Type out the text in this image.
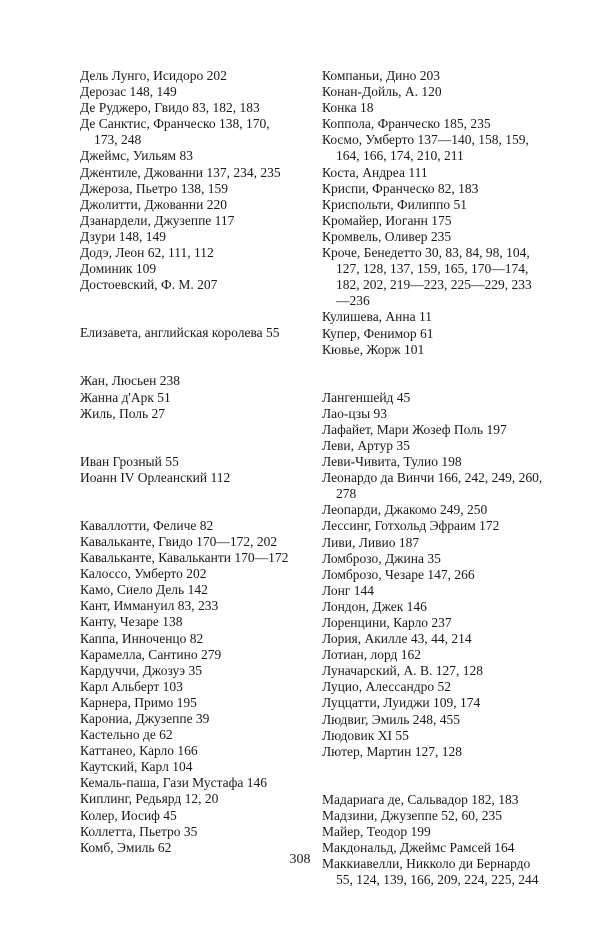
Дель Лунго, Исидоро 202
Дерозас 148, 149
Де Руджеро, Гвидо 83, 182, 183
Де Санктис, Франческо 138, 170, 173, 248
Джеймс, Уильям 83
Джентиле, Джованни 137, 234, 235
Джероза, Пьетро 138, 159
Джолитти, Джованни 220
Дзанардели, Джузеппе 117
Дзури 148, 149
Додэ, Леон 62, 111, 112
Доминик 109
Достоевский, Ф. М. 207
Елизавета, английская королева 55
Жан, Люсьен 238
Жанна д'Арк 51
Жиль, Поль 27
Иван Грозный 55
Иоанн IV Орлеанский 112
Каваллотти, Феличе 82
Кавальканте, Гвидо 170—172, 202
Кавальканте, Кавальканти 170—172
Калоссо, Умберто 202
Камо, Сиело Дель 142
Кант, Иммануил 83, 233
Канту, Чезаре 138
Каппа, Инноченцо 82
Карамелла, Сантино 279
Кардуччи, Джозуэ 35
Карл Альберт 103
Карнера, Примо 195
Карониа, Джузеппе 39
Кастельно де 62
Каттанео, Карло 166
Каутский, Карл 104
Кемаль-паша, Гази Мустафа 146
Киплинг, Редьярд 12, 20
Колер, Иосиф 45
Коллетта, Пьетро 35
Комб, Эмиль 62
Компаньи, Дино 203
Конан-Дойль, А. 120
Конка 18
Коппола, Франческо 185, 235
Космо, Умберто 137—140, 158, 159, 164, 166, 174, 210, 211
Коста, Андреа 111
Криспи, Франческо 82, 183
Криспольти, Филиппо 51
Кромайер, Иоганн 175
Кромвель, Оливер 235
Кроче, Бенедетто 30, 83, 84, 98, 104, 127, 128, 137, 159, 165, 170—174, 182, 202, 219—223, 225—229, 233—236
Кулишева, Анна 11
Купер, Фенимор 61
Кювье, Жорж 101
Лангеншейд 45
Лао-цзы 93
Лафайет, Мари Жозеф Поль 197
Леви, Артур 35
Леви-Чивита, Тулио 198
Леонардо да Винчи 166, 242, 249, 260, 278
Леопарди, Джакомо 249, 250
Лессинг, Готхольд Эфраим 172
Ливи, Ливио 187
Ломброзо, Джина 35
Ломброзо, Чезаре 147, 266
Лонг 144
Лондон, Джек 146
Лоренцини, Карло 237
Лория, Акилле 43, 44, 214
Лотиан, лорд 162
Луначарский, А. В. 127, 128
Луцио, Алессандро 52
Луццатти, Луиджи 109, 174
Людвиг, Эмиль 248, 455
Людовик XI 55
Лютер, Мартин 127, 128
Мадариага де, Сальвадор 182, 183
Мадзини, Джузеппе 52, 60, 235
Майер, Теодор 199
Макдональд, Джеймс Рамсей 164
Маккиавелли, Никколо ди Бернардо 55, 124, 139, 166, 209, 224, 225, 244
308
